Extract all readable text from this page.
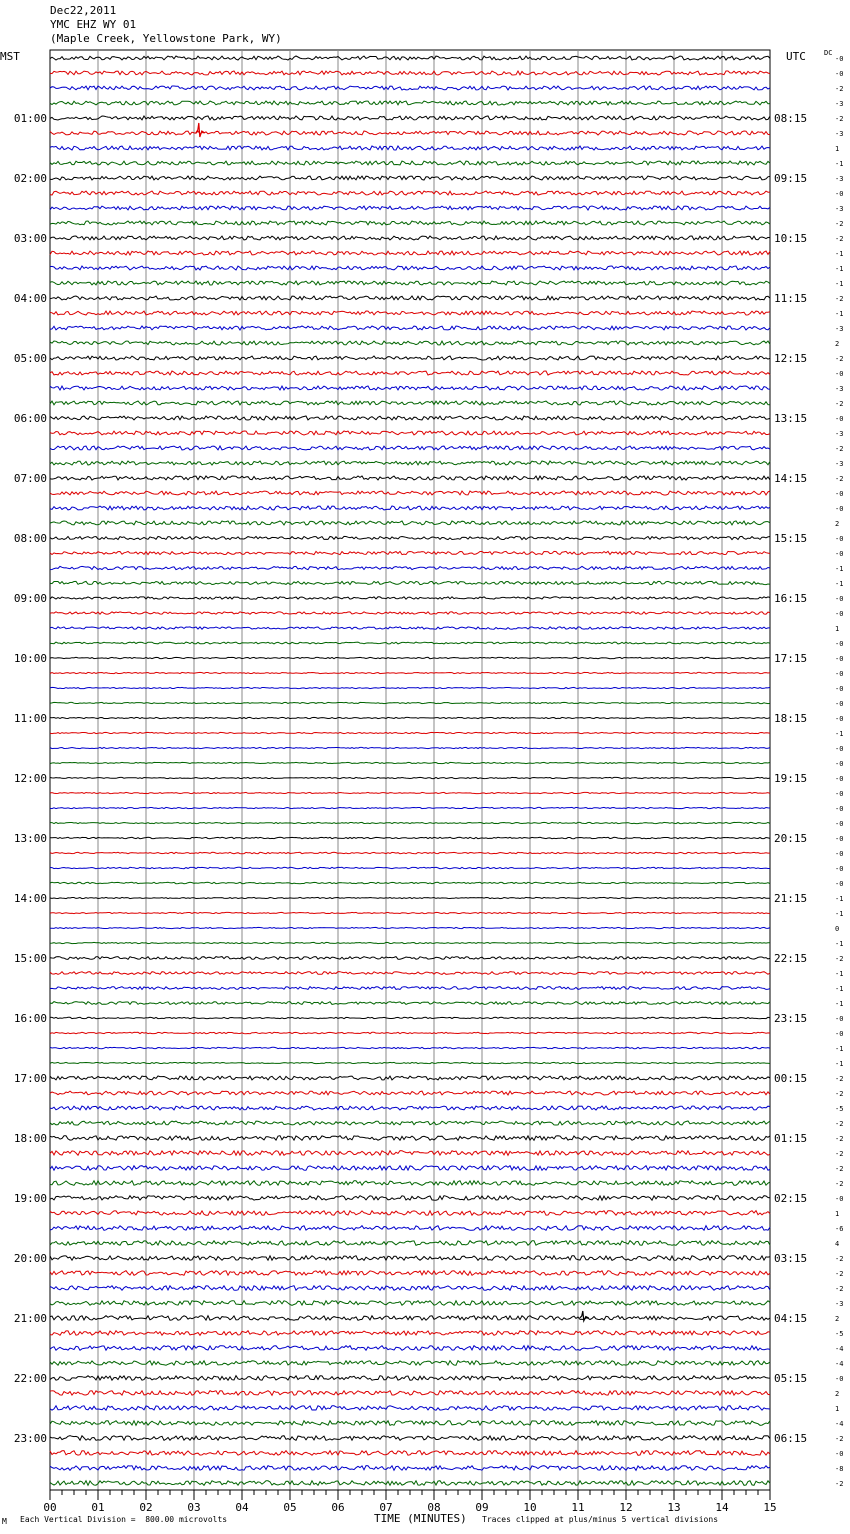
Dec22,2011
YMC EHZ WY 01
(Maple Creek, Yellowstone Park, WY)
MST	UTC	DC
-0
-0
-2
-3
-2
-3
1
-1
-3
-0
-3
-2
-2
-1
-1
-1
-2
-1
-3
2
-2
-0
-3
-2
-0
-3
-2
-3
-2
-0
-0
2
-0
-0
-1
-1
-0
-0
1
-0
-0
-0
-0
-0
-0
-1
-0
-0
-0
-0
-0
-0
-0
-0
-0
-0
-1
-1
0
-1
-2
-1
-1
-1
-0
-0
-1
-1
-2
-2
-5
-2
-2
-2
-2
-2
-0
1
-6
4
-2
-2
-2
-3
2
-5
-4
-4
-0
2
1
-4
-2
-0
-8
-2
01:00
02:00
03:00
04:00
05:00
06:00
07:00
08:00
09:00
10:00
11:00
12:00
13:00
14:00
15:00
16:00
17:00
18:00
19:00
20:00
21:00
22:00
23:00
08:15
09:15
10:15
11:15
12:15
13:15
14:15
15:15
16:15
17:15
18:15
19:15
20:15
21:15
22:15
23:15
00:15
01:15
02:15
03:15
04:15
05:15
06:15
00	01	02	03	04	05	06	07	08	09	10	11	12	13	14	15
M Each Vertical Division =  800.00 microvolts	TIME (MINUTES) Traces clipped at plus/minus 5 vertical divisions
